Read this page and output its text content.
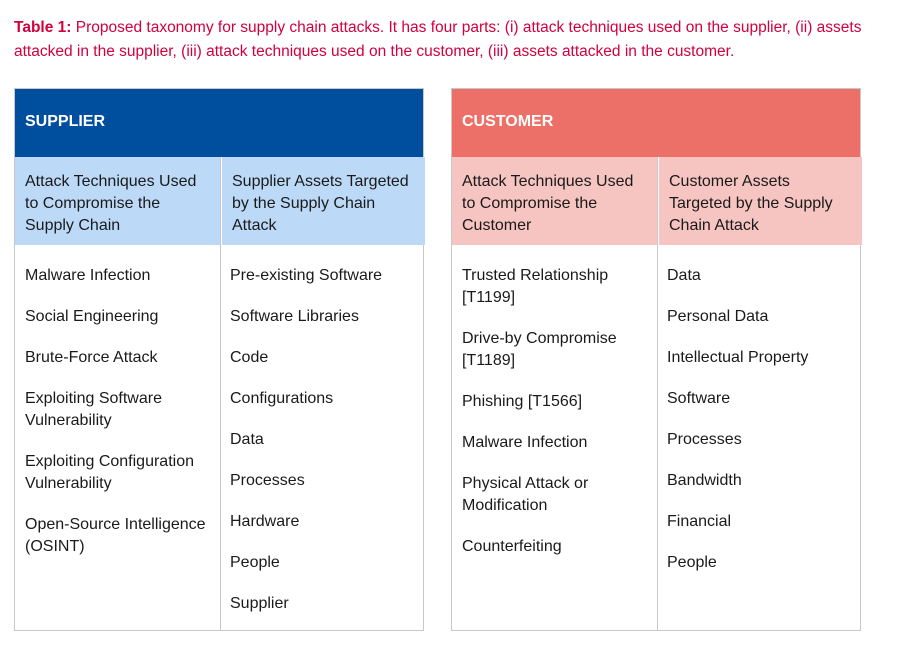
Table 1: Proposed taxonomy for supply chain attacks. It has four parts: (i) attack techniques used on the supplier, (ii) assets attacked in the supplier, (iii) attack techniques used on the customer, (iii) assets attacked in the customer.
SUPPLIER
Attack Techniques Used to Compromise the Supply Chain
Supplier Assets Targeted by the Supply Chain Attack
Malware Infection
Social Engineering
Brute-Force Attack
Exploiting Software Vulnerability
Exploiting Configuration Vulnerability
Open-Source Intelligence (OSINT)
Pre-existing Software
Software Libraries
Code
Configurations
Data
Processes
Hardware
People
Supplier
CUSTOMER
Attack Techniques Used to Compromise the Customer
Customer Assets Targeted by the Supply Chain Attack
Trusted Relationship [T1199]
Drive-by Compromise [T1189]
Phishing [T1566]
Malware Infection
Physical Attack or Modification
Counterfeiting
Data
Personal Data
Intellectual Property
Software
Processes
Bandwidth
Financial
People
